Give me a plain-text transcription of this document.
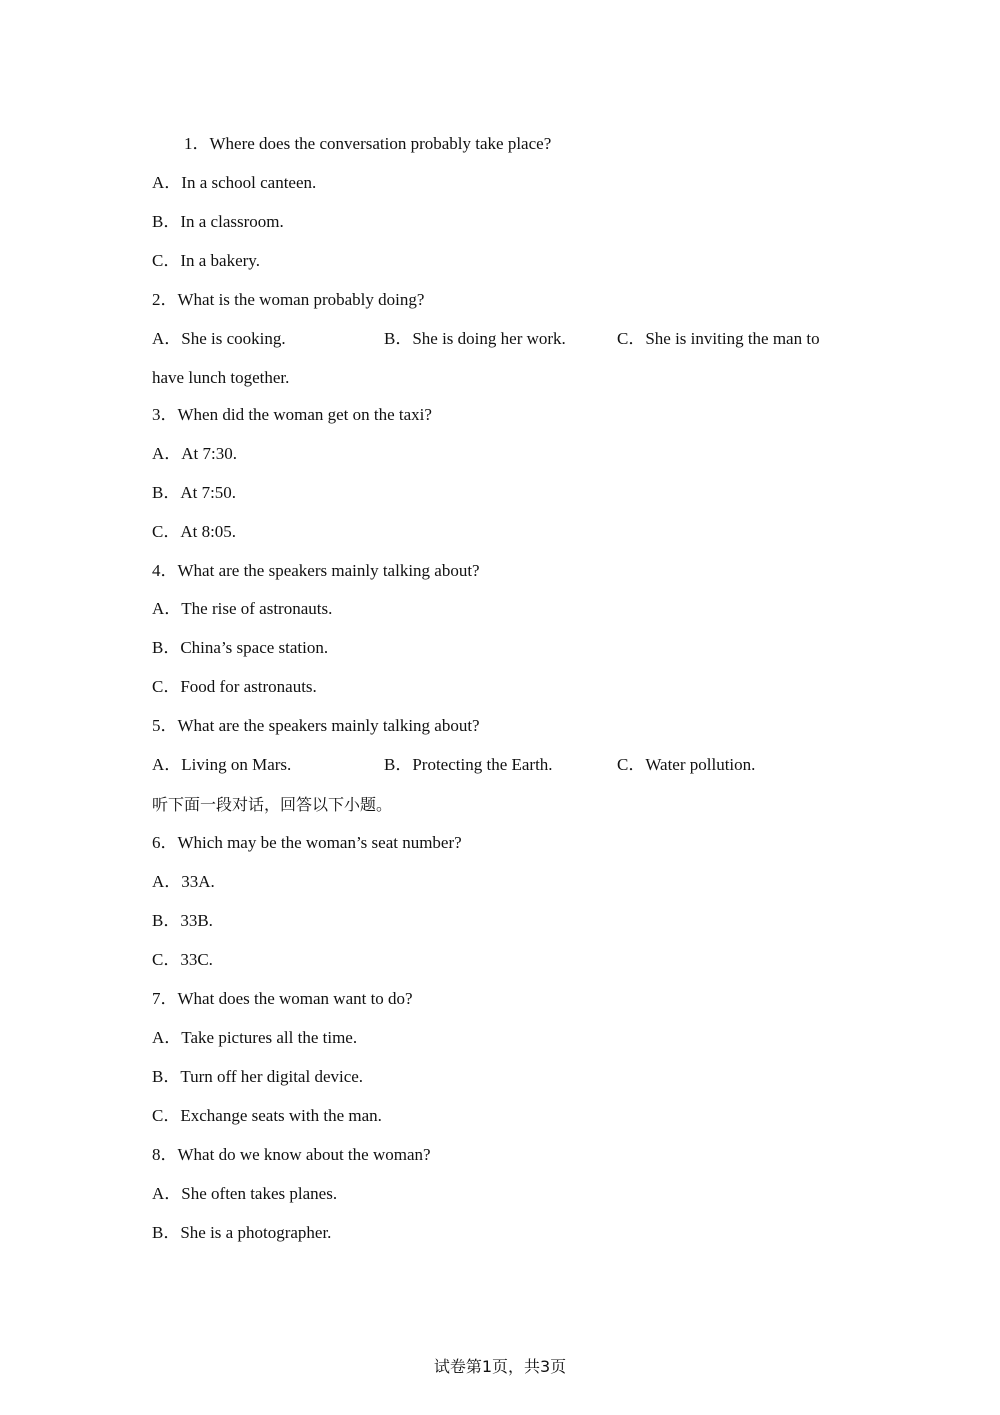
1．Where does the conversation probably take place?
A．In a school canteen.
B．In a classroom.
C．In a bakery.
2．What is the woman probably doing?
A．She is cooking.	B．She is doing her work.	C．She is inviting the man to
have lunch together.
3．When did the woman get on the taxi?
A．At 7:30.
B．At 7:50.
C．At 8:05.
4．What are the speakers mainly talking about?
A．The rise of astronauts.
B．China’s space station.
C．Food for astronauts.
5．What are the speakers mainly talking about?
A．Living on Mars.	B．Protecting the Earth.	C．Water pollution.
听下面一段对话，回答以下小题。
6．Which may be the woman’s seat number?
A．33A.
B．33B.
C．33C.
7．What does the woman want to do?
A．Take pictures all the time.
B．Turn off her digital device.
C．Exchange seats with the man.
8．What do we know about the woman?
A．She often takes planes.
B．She is a photographer.
试卷第1页，共3页
